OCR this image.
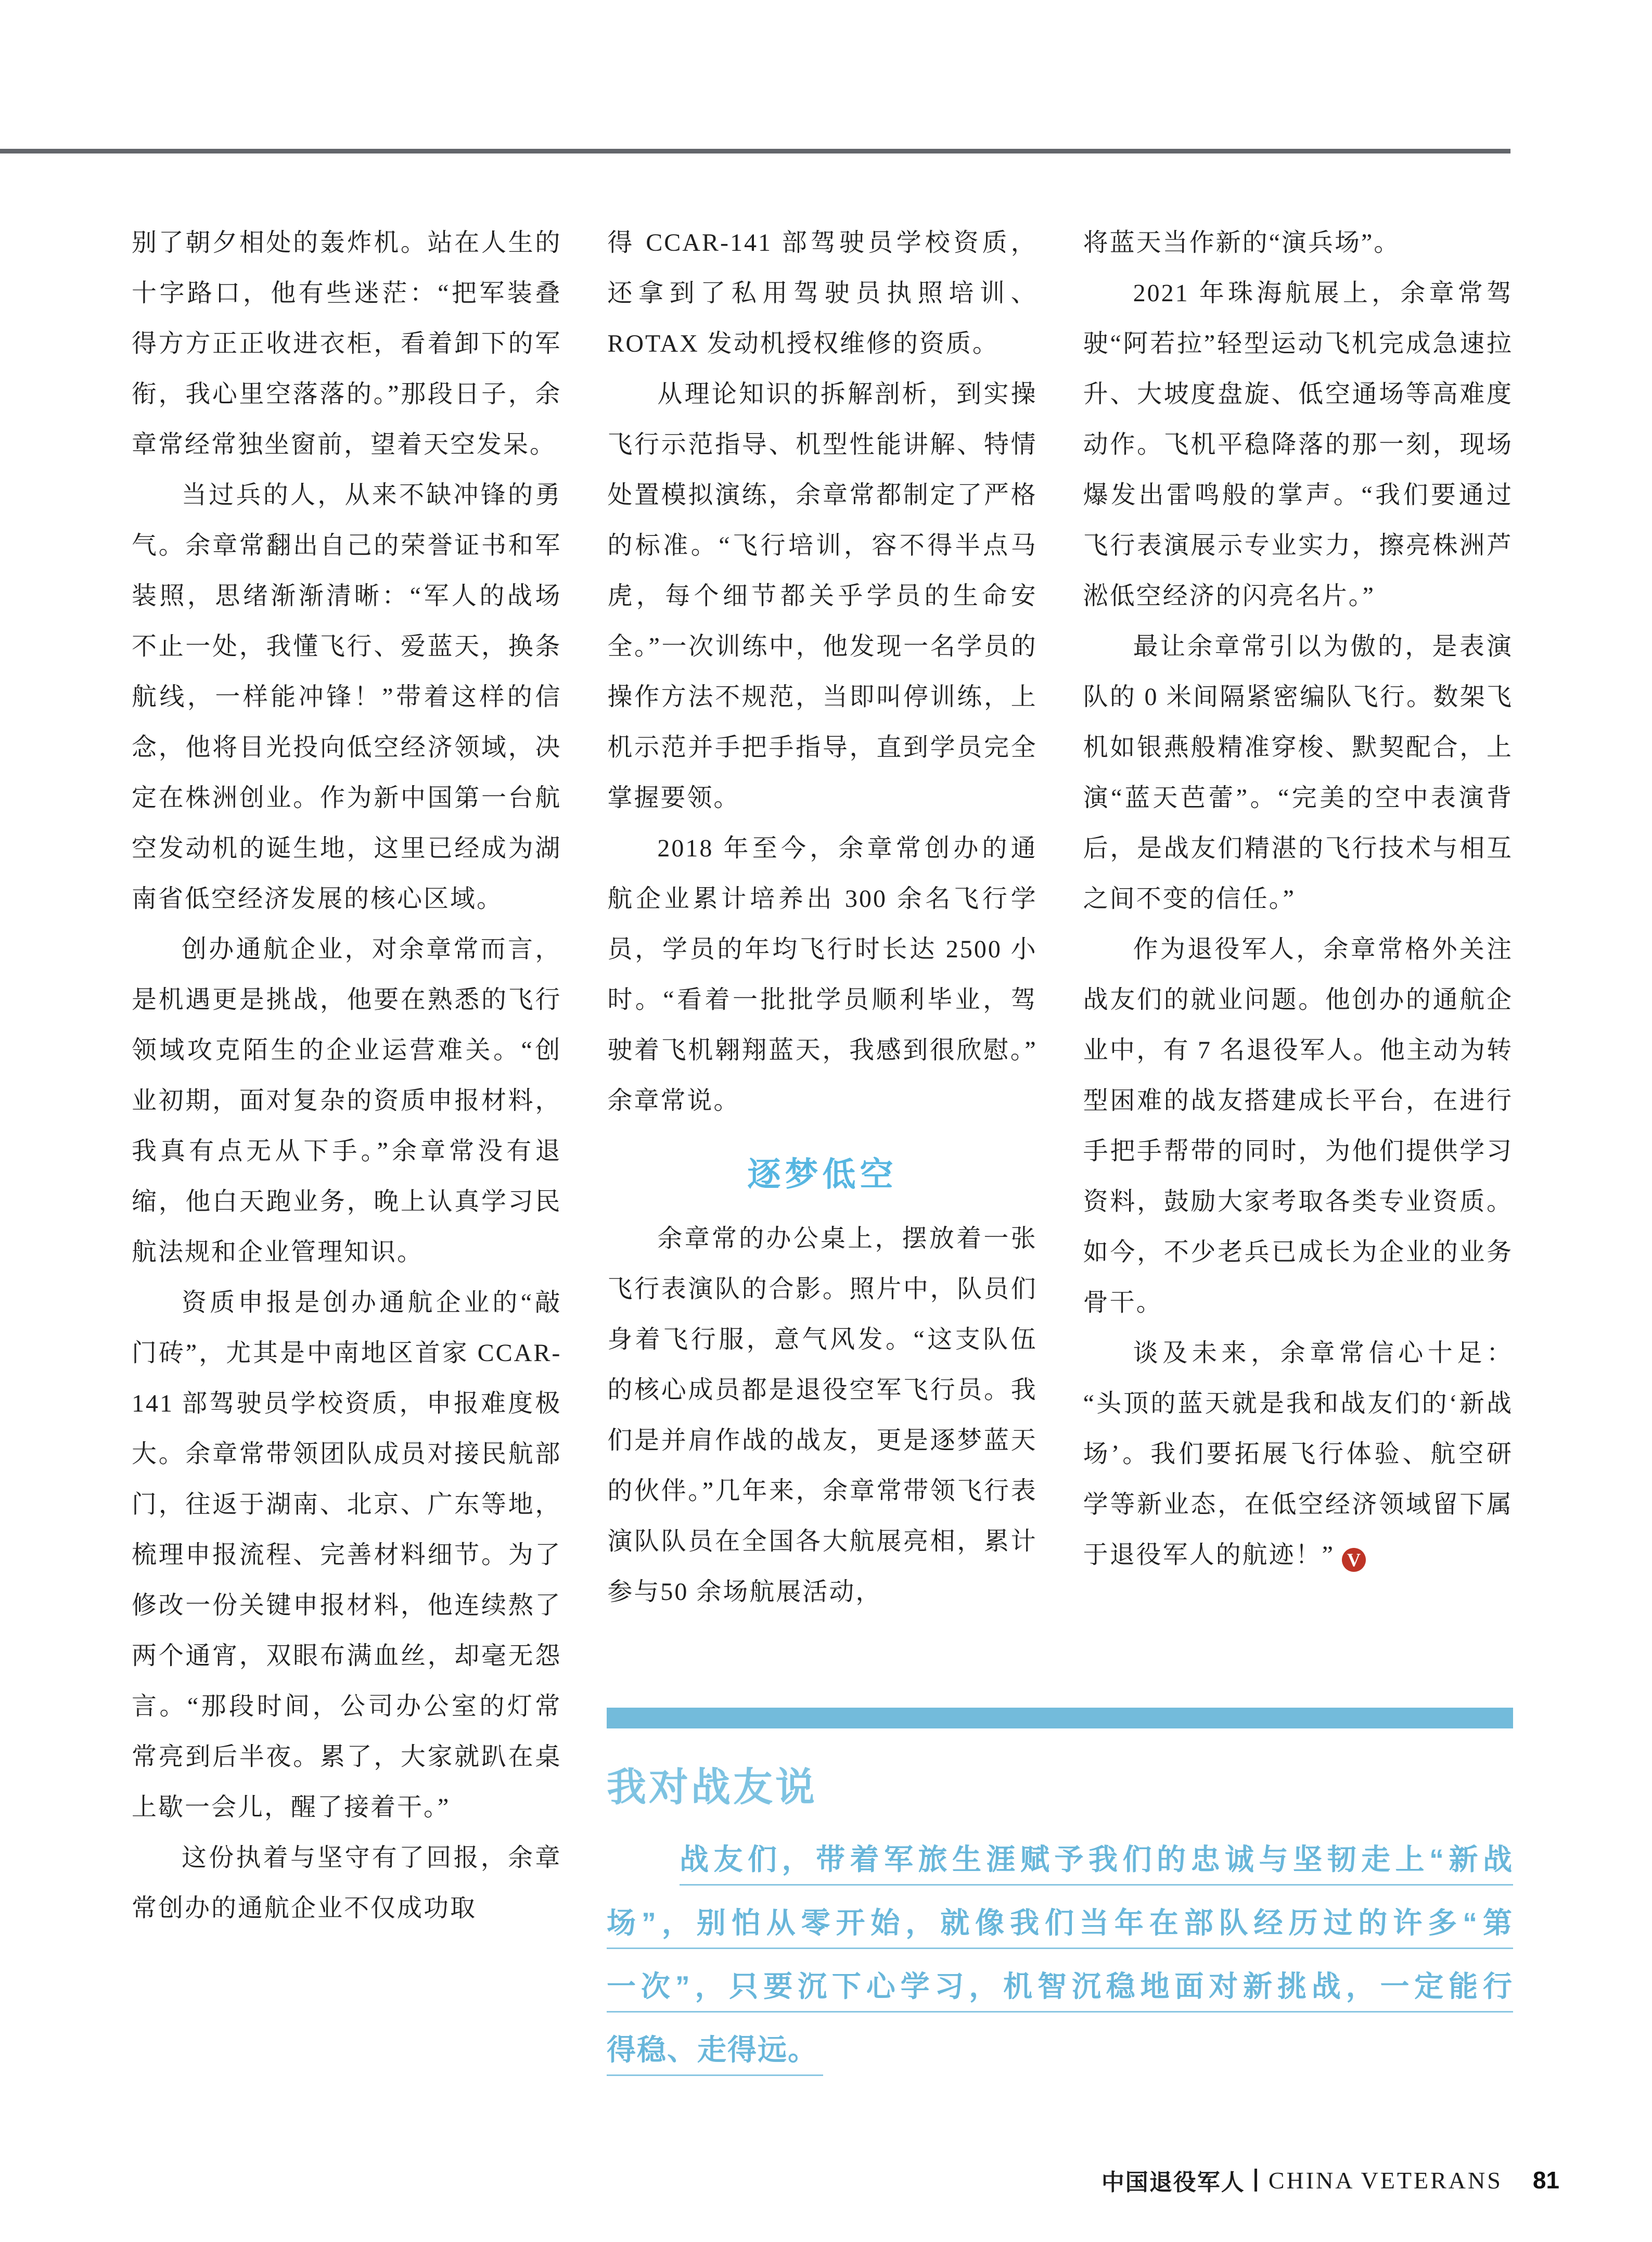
别了朝夕相处的轰炸机。站在人生的十字路口，他有些迷茫：“把军装叠得方方正正收进衣柜，看着卸下的军衔，我心里空落落的。”那段日子，余章常经常独坐窗前，望着天空发呆。

当过兵的人，从来不缺冲锋的勇气。余章常翻出自己的荣誉证书和军装照，思绪渐渐清晰：“军人的战场不止一处，我懂飞行、爱蓝天，换条航线，一样能冲锋！”带着这样的信念，他将目光投向低空经济领域，决定在株洲创业。作为新中国第一台航空发动机的诞生地，这里已经成为湖南省低空经济发展的核心区域。

创办通航企业，对余章常而言，是机遇更是挑战，他要在熟悉的飞行领域攻克陌生的企业运营难关。“创业初期，面对复杂的资质申报材料，我真有点无从下手。”余章常没有退缩，他白天跑业务，晚上认真学习民航法规和企业管理知识。

资质申报是创办通航企业的“敲门砖”，尤其是中南地区首家 CCAR-141 部驾驶员学校资质，申报难度极大。余章常带领团队成员对接民航部门，往返于湖南、北京、广东等地，梳理申报流程、完善材料细节。为了修改一份关键申报材料，他连续熬了两个通宵，双眼布满血丝，却毫无怨言。“那段时间，公司办公室的灯常常亮到后半夜。累了，大家就趴在桌上歇一会儿，醒了接着干。”

这份执着与坚守有了回报，余章常创办的通航企业不仅成功取

得 CCAR-141 部驾驶员学校资质，还拿到了私用驾驶员执照培训、ROTAX 发动机授权维修的资质。

从理论知识的拆解剖析，到实操飞行示范指导、机型性能讲解、特情处置模拟演练，余章常都制定了严格的标准。“飞行培训，容不得半点马虎，每个细节都关乎学员的生命安全。”一次训练中，他发现一名学员的操作方法不规范，当即叫停训练，上机示范并手把手指导，直到学员完全掌握要领。

2018 年至今，余章常创办的通航企业累计培养出 300 余名飞行学员，学员的年均飞行时长达 2500 小时。“看着一批批学员顺利毕业，驾驶着飞机翱翔蓝天，我感到很欣慰。”余章常说。

逐梦低空

余章常的办公桌上，摆放着一张飞行表演队的合影。照片中，队员们身着飞行服，意气风发。“这支队伍的核心成员都是退役空军飞行员。我们是并肩作战的战友，更是逐梦蓝天的伙伴。”几年来，余章常带领飞行表演队队员在全国各大航展亮相，累计参与50 余场航展活动，

将蓝天当作新的“演兵场”。

2021 年珠海航展上，余章常驾驶“阿若拉”轻型运动飞机完成急速拉升、大坡度盘旋、低空通场等高难度动作。飞机平稳降落的那一刻，现场爆发出雷鸣般的掌声。“我们要通过飞行表演展示专业实力，擦亮株洲芦淞低空经济的闪亮名片。”

最让余章常引以为傲的，是表演队的 0 米间隔紧密编队飞行。数架飞机如银燕般精准穿梭、默契配合，上演“蓝天芭蕾”。“完美的空中表演背后，是战友们精湛的飞行技术与相互之间不变的信任。”

作为退役军人，余章常格外关注战友们的就业问题。他创办的通航企业中，有 7 名退役军人。他主动为转型困难的战友搭建成长平台，在进行手把手帮带的同时，为他们提供学习资料，鼓励大家考取各类专业资质。如今，不少老兵已成长为企业的业务骨干。

谈及未来，余章常信心十足：“头顶的蓝天就是我和战友们的‘新战场’。我们要拓展飞行体验、航空研学等新业态，在低空经济领域留下属于退役军人的航迹！” V

我对战友说
战友们，带着军旅生涯赋予我们的忠诚与坚韧走上“新战
场”，别怕从零开始，就像我们当年在部队经历过的许多“第
一次”，只要沉下心学习，机智沉稳地面对新挑战，一定能行
得稳、走得远。
中国退役军人 CHINA VETERANS 81
